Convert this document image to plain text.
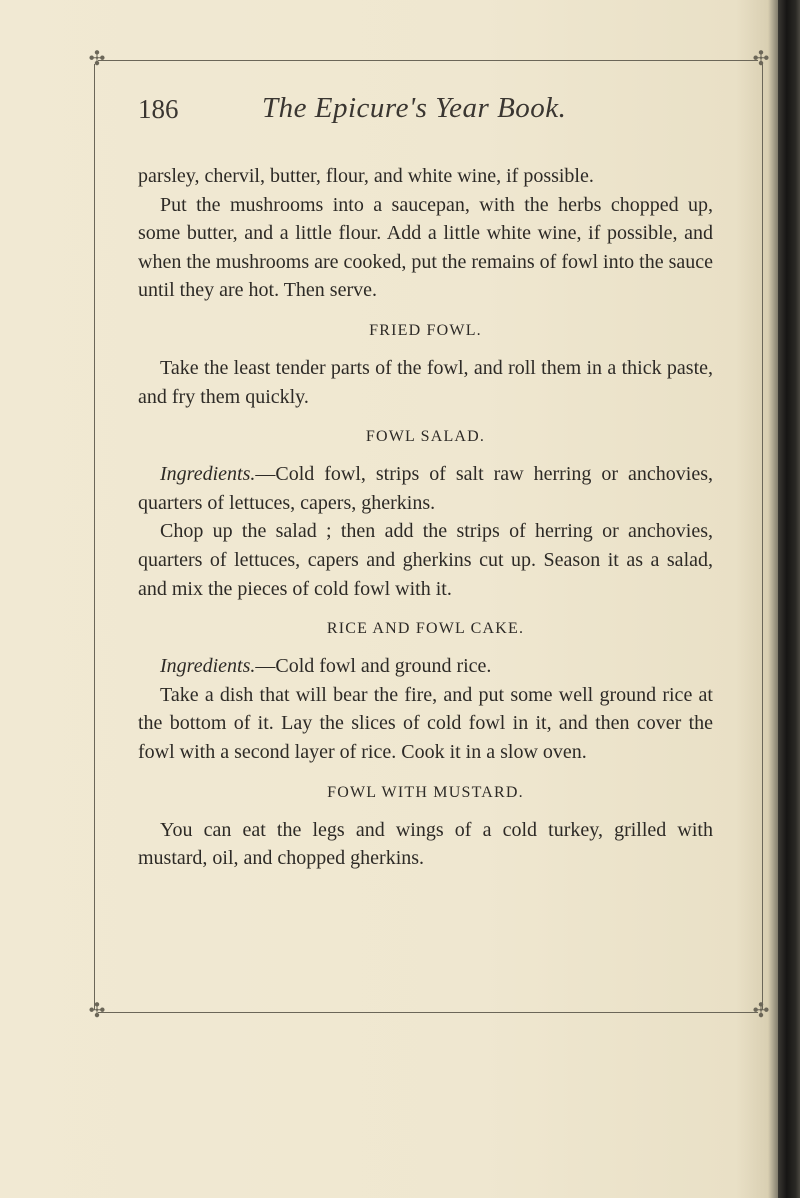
✣	✣
✣	✣
186	The Epicure's Year Book.

parsley, chervil, butter, flour, and white wine, if possible.

Put the mushrooms into a saucepan, with the herbs chopped up, some butter, and a little flour. Add a little white wine, if possible, and when the mushrooms are cooked, put the remains of fowl into the sauce until they are hot. Then serve.

FRIED FOWL.

Take the least tender parts of the fowl, and roll them in a thick paste, and fry them quickly.

FOWL SALAD.

Ingredients.—Cold fowl, strips of salt raw herring or anchovies, quarters of lettuces, capers, gherkins.

Chop up the salad ; then add the strips of herring or anchovies, quarters of lettuces, capers and gherkins cut up. Season it as a salad, and mix the pieces of cold fowl with it.

RICE AND FOWL CAKE.

Ingredients.—Cold fowl and ground rice.

Take a dish that will bear the fire, and put some well ground rice at the bottom of it. Lay the slices of cold fowl in it, and then cover the fowl with a second layer of rice. Cook it in a slow oven.

FOWL WITH MUSTARD.

You can eat the legs and wings of a cold turkey, grilled with mustard, oil, and chopped gherkins.
